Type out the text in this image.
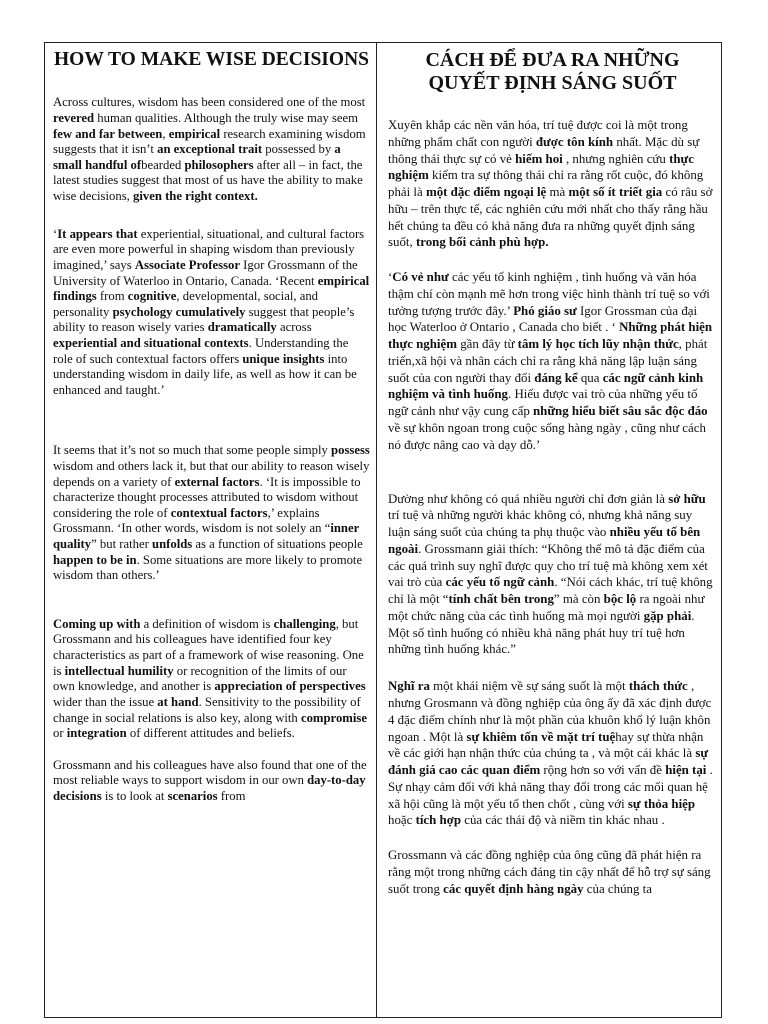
HOW TO MAKE WISE DECISIONS

Across cultures, wisdom has been considered one of the most revered human qualities. Although the truly wise may seem few and far between, empirical research examining wisdom suggests that it isn’t an exceptional trait possessed by a small handful ofbearded philosophers after all – in fact, the latest studies suggest that most of us have the ability to make wise decisions, given the right context.

‘It appears that experiential, situational, and cultural factors are even more powerful in shaping wisdom than previously imagined,’ says Associate Professor Igor Grossmann of the University of Waterloo in Ontario, Canada. ‘Recent empirical findings from cognitive, developmental, social, and personality psychology cumulatively suggest that people’s ability to reason wisely varies dramatically across experiential and situational contexts. Understanding the role of such contextual factors offers unique insights into understanding wisdom in daily life, as well as how it can be enhanced and taught.’

It seems that it’s not so much that some people simply possess wisdom and others lack it, but that our ability to reason wisely depends on a variety of external factors. ‘It is impossible to characterize thought processes attributed to wisdom without considering the role of contextual factors,’ explains Grossmann. ‘In other words, wisdom is not solely an “inner quality” but rather unfolds as a function of situations people happen to be in. Some situations are more likely to promote wisdom than others.’

Coming up with a definition of wisdom is challenging, but Grossmann and his colleagues have identified four key characteristics as part of a framework of wise reasoning. One is intellectual humility or recognition of the limits of our own knowledge, and another is appreciation of perspectives wider than the issue at hand. Sensitivity to the possibility of change in social relations is also key, along with compromise or integration of different attitudes and beliefs.

Grossmann and his colleagues have also found that one of the most reliable ways to support wisdom in our own day-to-day decisions is to look at scenarios from

CÁCH ĐỂ ĐƯA RA NHỮNG QUYẾT ĐỊNH SÁNG SUỐT

Xuyên khắp các nền văn hóa, trí tuệ được coi là một trong những phẩm chất con người được tôn kính nhất. Mặc dù sự thông thái thực sự có vẻ hiếm hoi , nhưng nghiên cứu thực nghiệm kiểm tra sự thông thái chỉ ra rằng rốt cuộc, đó không phải là một đặc điểm ngoại lệ mà một số ít triết gia có râu sở hữu – trên thực tế, các nghiên cứu mới nhất cho thấy rằng hầu hết chúng ta đều có khả năng đưa ra những quyết định sáng suốt, trong bối cảnh phù hợp.

‘Có vẻ như các yếu tố kinh nghiệm , tình huống và văn hóa thậm chí còn mạnh mẽ hơn trong việc hình thành trí tuệ so với tưởng tượng trước đây.’ Phó giáo sư Igor Grossman của đại học Waterloo ở Ontario , Canada cho biết . ‘ Những phát hiện thực nghiệm gần đây từ tâm lý học tích lũy nhận thức, phát triển,xã hội và nhân cách chỉ ra rằng khả năng lập luận sáng suốt của con người thay đổi đáng kể qua các ngữ cảnh kinh nghiệm và tình huống. Hiểu được vai trò của những yếu tố ngữ cảnh như vậy cung cấp những hiểu biết sâu sắc độc đáo về sự khôn ngoan trong cuộc sống hàng ngày , cũng như cách nó được nâng cao và dạy dỗ.’

Dường như không có quá nhiều người chỉ đơn giản là sở hữu trí tuệ và những người khác không có, nhưng khả năng suy luận sáng suốt của chúng ta phụ thuộc vào nhiều yếu tố bên ngoài. Grossmann giải thích: “Không thể mô tả đặc điểm của các quá trình suy nghĩ được quy cho trí tuệ mà không xem xét vai trò của các yếu tố ngữ cảnh. “Nói cách khác, trí tuệ không chỉ là một “tính chất bên trong” mà còn bộc lộ ra ngoài như một chức năng của các tình huống mà mọi người gặp phải. Một số tình huống có nhiều khả năng phát huy trí tuệ hơn những tình huống khác.”

Nghĩ ra một khái niệm về sự sáng suốt là một thách thức , nhưng Grosmann và đồng nghiệp của ông ấy đã xác định được 4 đặc điểm chính như là một phần của khuôn khổ lý luận khôn ngoan . Một là sự khiêm tốn về mặt trí tuệhay sự thừa nhận về các giới hạn nhận thức của chúng ta , và một cái khác là sự đánh giá cao các quan điểm rộng hơn so với vấn đề hiện tại . Sự nhạy cảm đối với khả năng thay đổi trong các mối quan hệ xã hội cũng là một yếu tố then chốt , cùng với sự thỏa hiệp hoặc tích hợp của các thái độ và niềm tin khác nhau .

Grossmann và các đồng nghiệp của ông cũng đã phát hiện ra rằng một trong những cách đáng tin cậy nhất để hỗ trợ sự sáng suốt trong các quyết định hàng ngày của chúng ta
